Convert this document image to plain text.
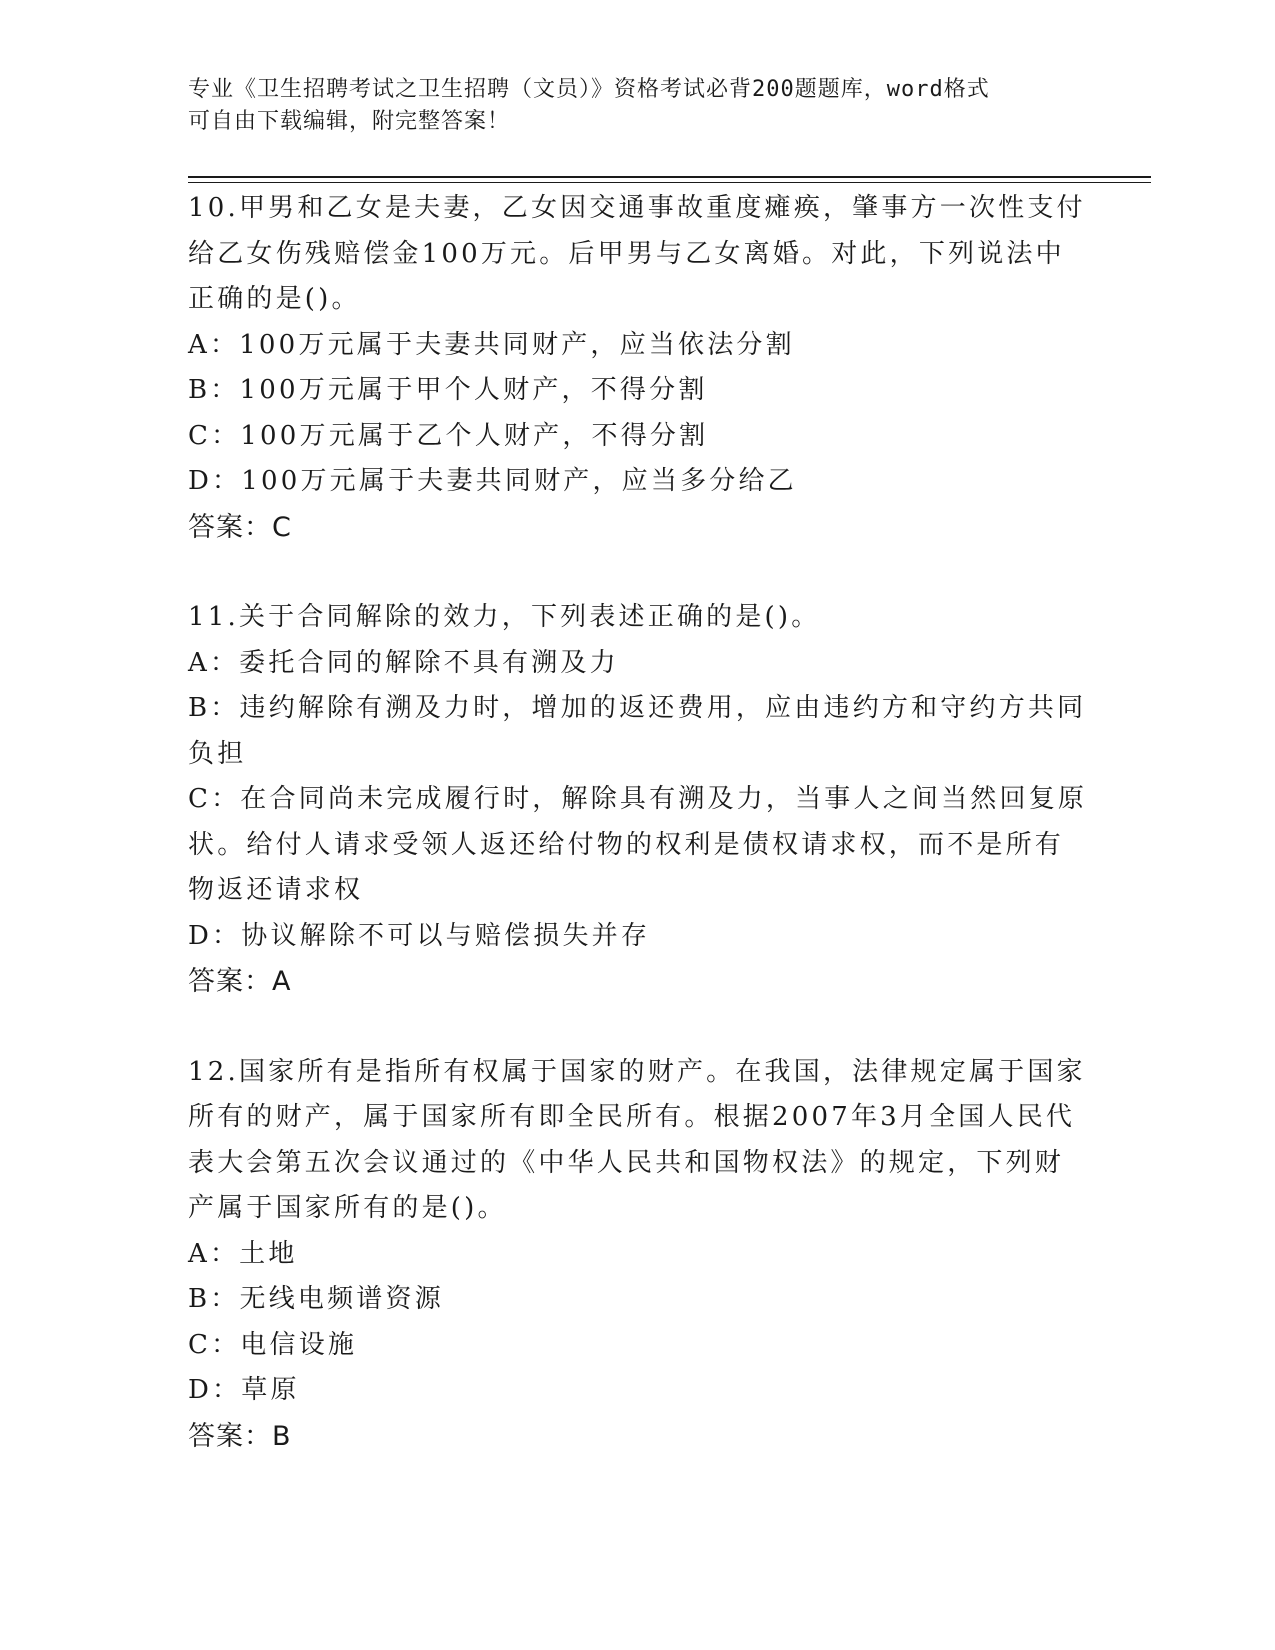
专业《卫生招聘考试之卫生招聘（文员）》资格考试必背200题题库，word格式
可自由下载编辑，附完整答案！
10.甲男和乙女是夫妻，乙女因交通事故重度瘫痪，肇事方一次性支付
给乙女伤残赔偿金100万元。后甲男与乙女离婚。对此，下列说法中
正确的是()。
A：100万元属于夫妻共同财产，应当依法分割
B：100万元属于甲个人财产，不得分割
C：100万元属于乙个人财产，不得分割
D：100万元属于夫妻共同财产，应当多分给乙
答案：C
11.关于合同解除的效力，下列表述正确的是()。
A：委托合同的解除不具有溯及力
B：违约解除有溯及力时，增加的返还费用，应由违约方和守约方共同
负担
C：在合同尚未完成履行时，解除具有溯及力，当事人之间当然回复原
状。给付人请求受领人返还给付物的权利是债权请求权，而不是所有
物返还请求权
D：协议解除不可以与赔偿损失并存
答案：A
12.国家所有是指所有权属于国家的财产。在我国，法律规定属于国家
所有的财产，属于国家所有即全民所有。根据2007年3月全国人民代
表大会第五次会议通过的《中华人民共和国物权法》的规定，下列财
产属于国家所有的是()。
A：土地
B：无线电频谱资源
C：电信设施
D：草原
答案：B
